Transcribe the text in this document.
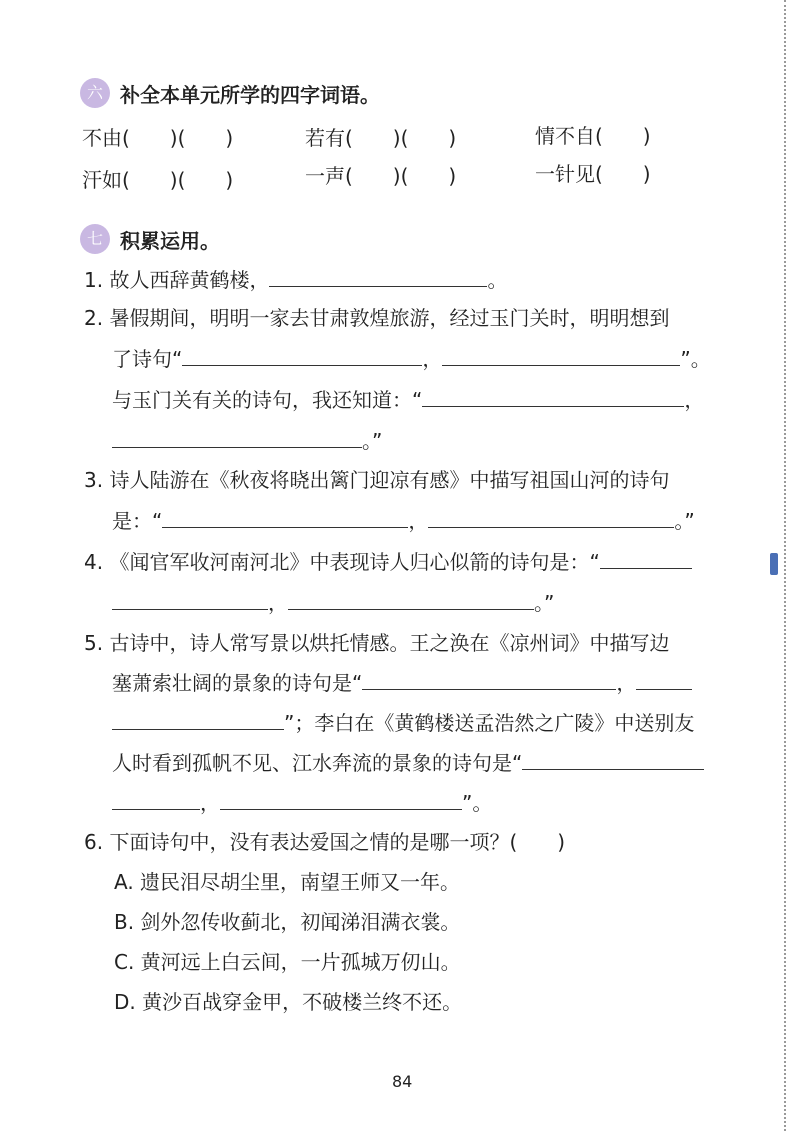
六 补全本单元所学的四字词语。
不由(　　)(　　)	若有(　　)(　　)	情不自(　　)
汗如(　　)(　　)	一声(　　)(　　)	一针见(　　)
七 积累运用。
1. 故人西辞黄鹤楼，	。
2. 暑假期间，明明一家去甘肃敦煌旅游，经过玉门关时，明明想到
了诗句“	，	”。
与玉门关有关的诗句，我还知道：“	，
。”
3. 诗人陆游在《秋夜将晓出篱门迎凉有感》中描写祖国山河的诗句
是：“	，	。”
4. 《闻官军收河南河北》中表现诗人归心似箭的诗句是：“
，	。”
5. 古诗中，诗人常写景以烘托情感。王之涣在《凉州词》中描写边
塞萧索壮阔的景象的诗句是“	，
”；李白在《黄鹤楼送孟浩然之广陵》中送别友
人时看到孤帆不见、江水奔流的景象的诗句是“
，	”。
6. 下面诗句中，没有表达爱国之情的是哪一项？(　　)
A. 遗民泪尽胡尘里，南望王师又一年。
B. 剑外忽传收蓟北，初闻涕泪满衣裳。
C. 黄河远上白云间，一片孤城万仞山。
D. 黄沙百战穿金甲，不破楼兰终不还。
84
